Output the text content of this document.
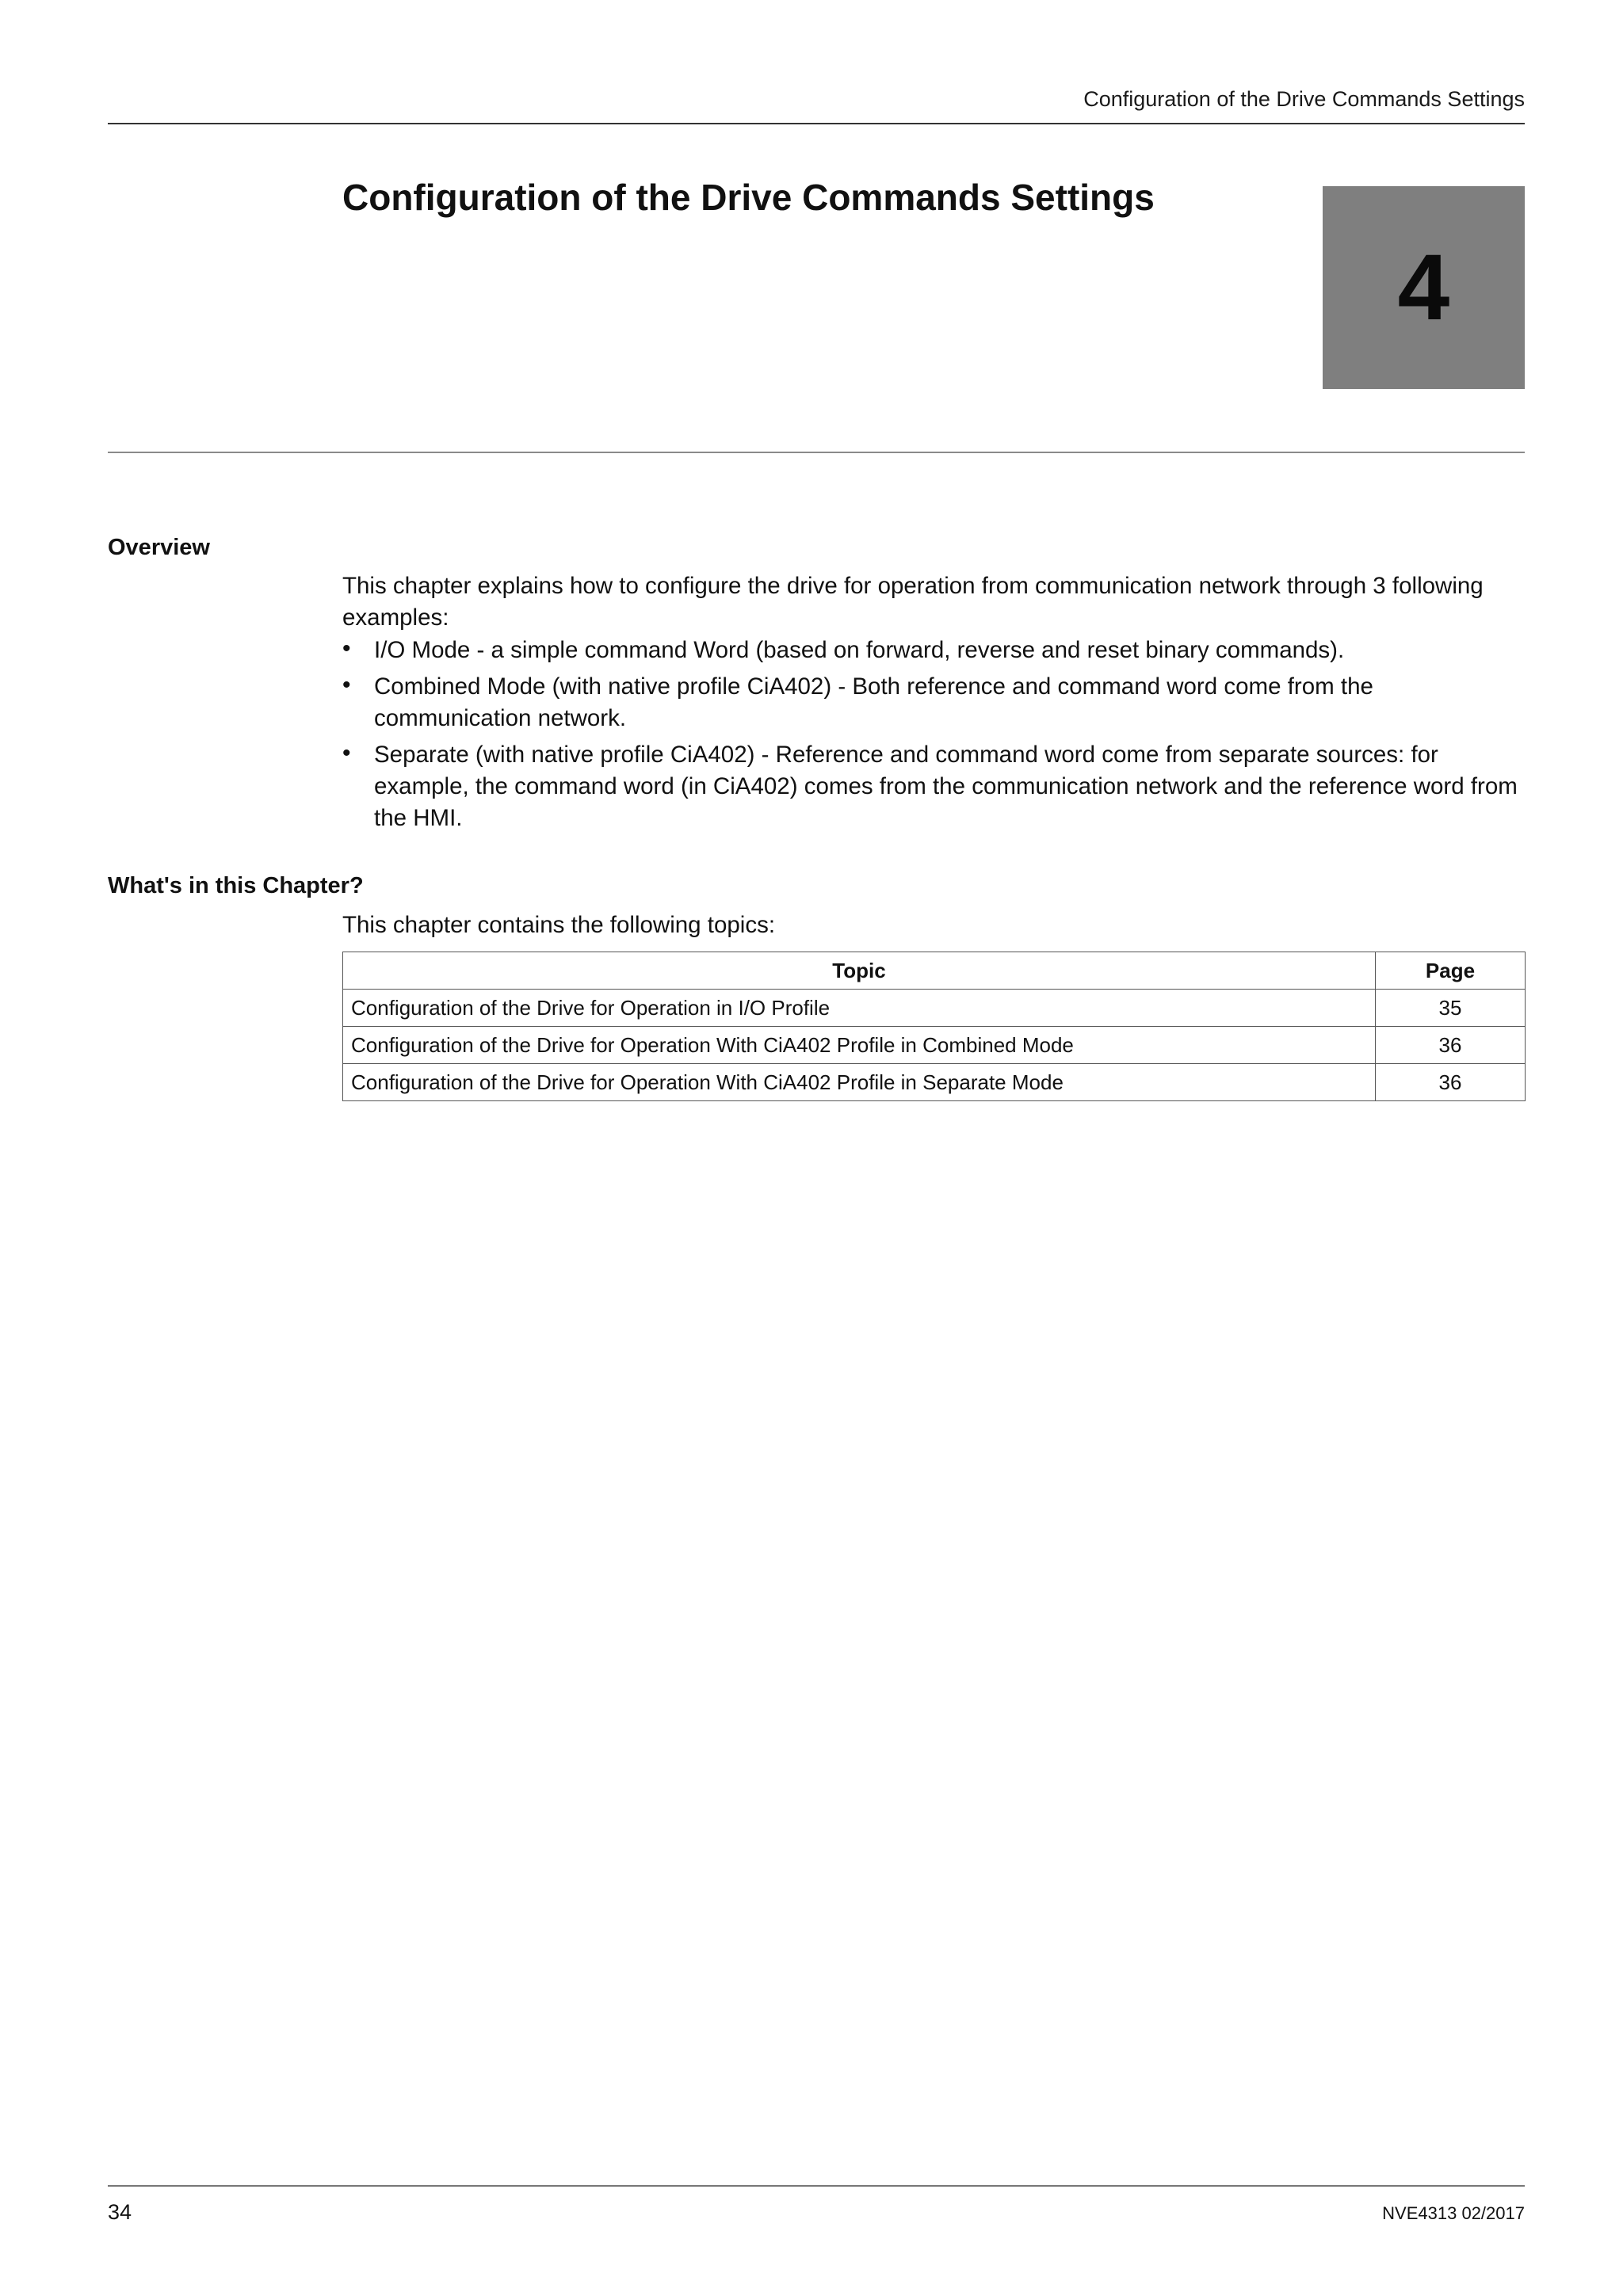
Configuration of the Drive Commands Settings
Configuration of the Drive Commands Settings
4
Overview
This chapter explains how to configure the drive for operation from communication network through 3 following examples:
• I/O Mode - a simple command Word (based on forward, reverse and reset binary commands).
• Combined Mode (with native profile CiA402) - Both reference and command word come from the communication network.
• Separate (with native profile CiA402) - Reference and command word come from separate sources: for example, the command word (in CiA402) comes from the communication network and the reference word from the HMI.
What's in this Chapter?
This chapter contains the following topics:
Topic	Page
Configuration of the Drive for Operation in I/O Profile	35
Configuration of the Drive for Operation With CiA402 Profile in Combined Mode	36
Configuration of the Drive for Operation With CiA402 Profile in Separate Mode	36
34	NVE4313 02/2017
